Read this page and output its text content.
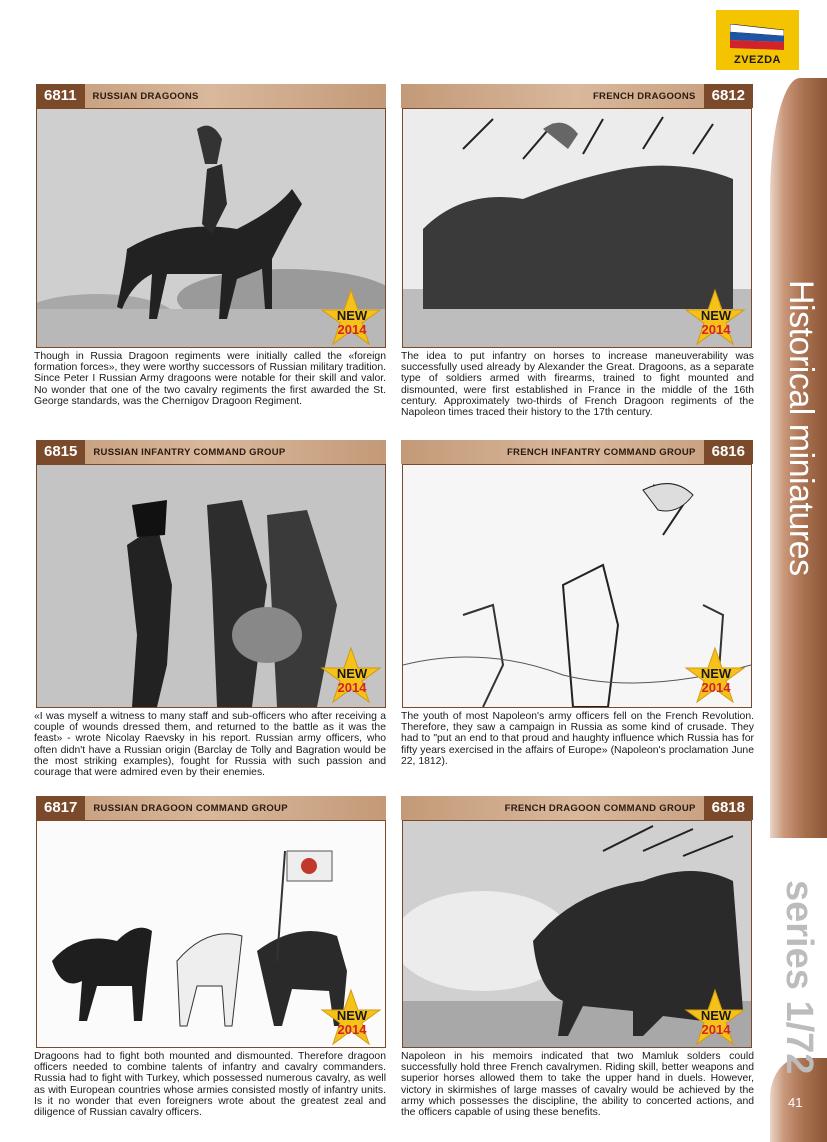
ZVEZDA
Historical miniatures
series 1/72
41
6811	RUSSIAN DRAGOONS
NEW
2014
Though in Russia Dragoon regiments were initially called the «foreign formation forces», they were worthy successors of Russian military tradition. Since Peter I Russian Army dragoons were notable for their skill and valor. No wonder that one of the two cavalry regiments the first awarded the St. George standards, was the Chernigov Dragoon Regiment.
FRENCH DRAGOONS	6812
NEW
2014
The idea to put infantry on horses to increase maneuverability was successfully used already by Alexander the Great. Dragoons, as a separate type of soldiers armed with firearms, trained to fight mounted and dismounted, were first established in France in the middle of the 16th century. Approximately two-thirds of French Dragoon regiments of the Napoleon times traced their history to the 17th century.
6815	RUSSIAN INFANTRY COMMAND GROUP
NEW
2014
«I was myself a witness to many staff and sub-officers who after receiving a couple of wounds dressed them, and returned to the battle as it was the feast» - wrote Nicolay Raevsky in his report. Russian army officers, who often didn't have a Russian origin (Barclay de Tolly and Bagration would be the most striking examples), fought for Russia with such passion and courage that were admired even by their enemies.
FRENCH INFANTRY COMMAND GROUP	6816
NEW
2014
The youth of most Napoleon's army officers fell on the French Revolution. Therefore, they saw a campaign in Russia as some kind of crusade. They had to "put an end to that proud and haughty influence which Russia has for fifty years exercised in the affairs of Europe» (Napoleon's proclamation June 22, 1812).
6817	RUSSIAN DRAGOON COMMAND GROUP
NEW
2014
Dragoons had to fight both mounted and dismounted. Therefore dragoon officers needed to combine talents of infantry and cavalry commanders. Russia had to fight with Turkey, which possessed numerous cavalry, as well as with European countries whose armies consisted mostly of infantry units. Is it no wonder that even foreigners wrote about the greatest zeal and diligence of Russian cavalry officers.
FRENCH DRAGOON COMMAND GROUP	6818
NEW
2014
Napoleon in his memoirs indicated that two Mamluk solders could successfully hold three French cavalrymen. Riding skill, better weapons and superior horses allowed them to take the upper hand in duels. However, victory in skirmishes of large masses of cavalry would be achieved by the army which possesses the discipline, the ability to concerted actions, and the officers capable of using these benefits.
